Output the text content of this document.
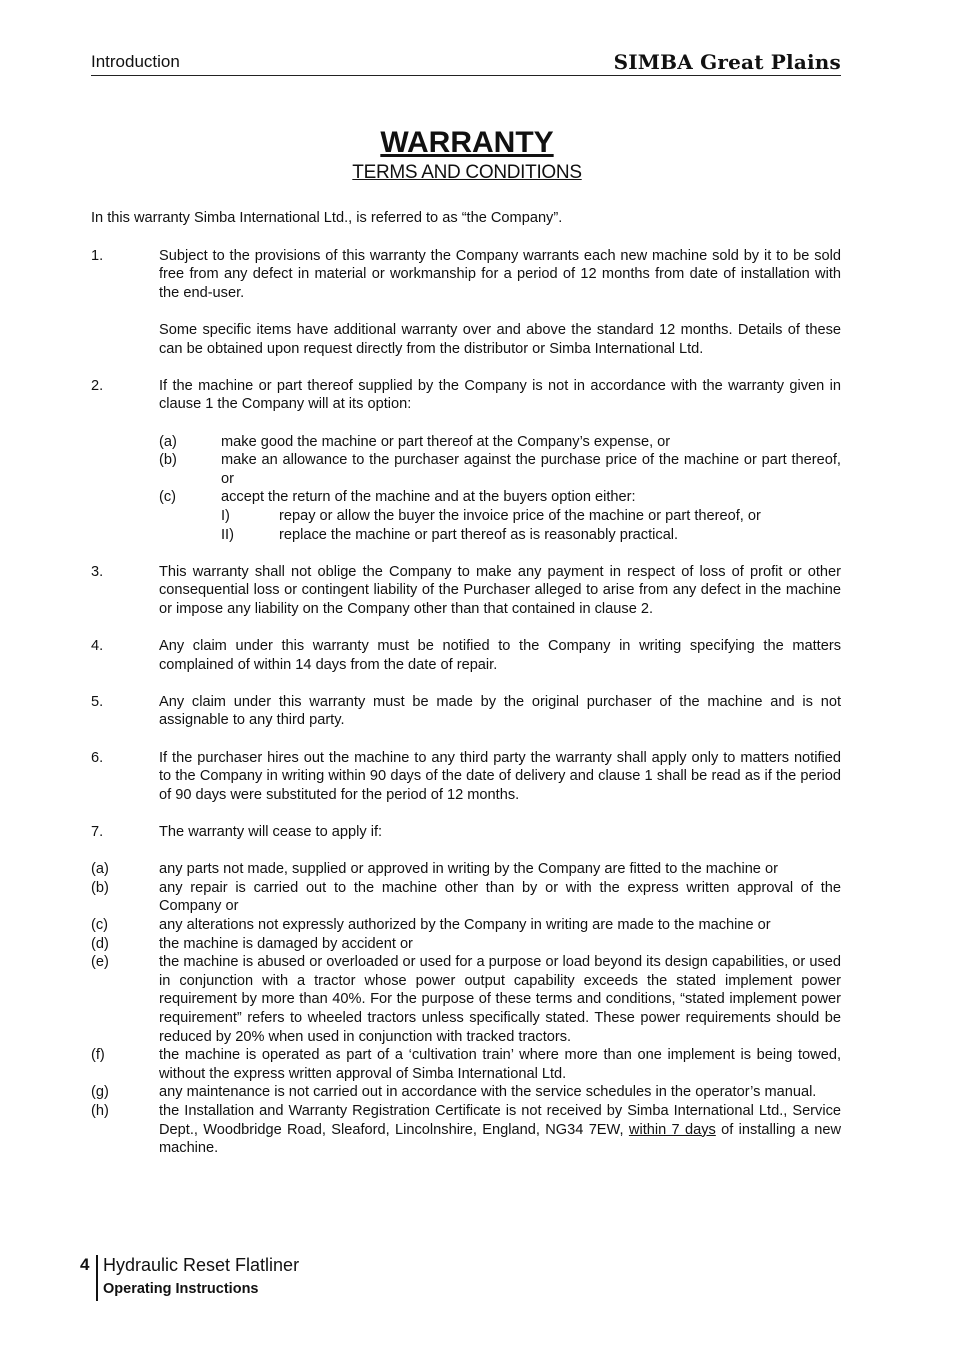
Introduction	SIMBA Great Plains
WARRANTY
TERMS AND CONDITIONS

In this warranty Simba International Ltd., is referred to as “the Company”.

1.	Subject to the provisions of this warranty the Company warrants each new machine sold by it to be sold free from any defect in material or workmanship for a period of 12 months from date of installation with the end-user.

Some specific items have additional warranty over and above the standard 12 months. Details of these can be obtained upon request directly from the distributor or Simba International Ltd.

2.	If the machine or part thereof supplied by the Company is not in accordance with the warranty given in clause 1 the Company will at its option:

(a)	make good the machine or part thereof at the Company’s expense, or
(b)	make an allowance to the purchaser against the purchase price of the machine or part thereof, or
(c)	accept the return of the machine and at the buyers option either:
I)	repay or allow the buyer the invoice price of the machine or part thereof, or
II)	replace the machine or part thereof as is reasonably practical.
3.	This warranty shall not oblige the Company to make any payment in respect of loss of profit or other consequential loss or contingent liability of the Purchaser alleged to arise from any defect in the machine or impose any liability on the Company other than that contained in clause 2.
4.	Any claim under this warranty must be notified to the Company in writing specifying the matters complained of within 14 days from the date of repair.
5.	Any claim under this warranty must be made by the original purchaser of the machine and is not assignable to any third party.
6.	If the purchaser hires out the machine to any third party the warranty shall apply only to matters notified to the Company in writing within 90 days of the date of delivery and clause 1 shall be read as if the period of 90 days were substituted for the period of 12 months.
7.	The warranty will cease to apply if:
(a)	any parts not made, supplied or approved in writing by the Company are fitted to the machine or
(b)	any repair is carried out to the machine other than by or with the express written approval of the Company or
(c)	any alterations not expressly authorized by the Company in writing are made to the machine or
(d)	the machine is damaged by accident or
(e)	the machine is abused or overloaded or used for a purpose or load beyond its design capabilities, or used in conjunction with a tractor whose power output capability exceeds the stated implement power requirement by more than 40%. For the purpose of these terms and conditions, “stated implement power requirement” refers to wheeled tractors unless specifically stated. These power requirements should be reduced by 20% when used in conjunction with tracked tractors.
(f)	the machine is operated as part of a ‘cultivation train’ where more than one implement is being towed, without the express written approval of Simba International Ltd.
(g)	any maintenance is not carried out in accordance with the service schedules in the operator’s manual.
(h)	the Installation and Warranty Registration Certificate is not received by Simba International Ltd., Service Dept., Woodbridge Road, Sleaford, Lincolnshire, England, NG34 7EW, within 7 days of installing a new machine.
4 Hydraulic Reset Flatliner
Operating Instructions
